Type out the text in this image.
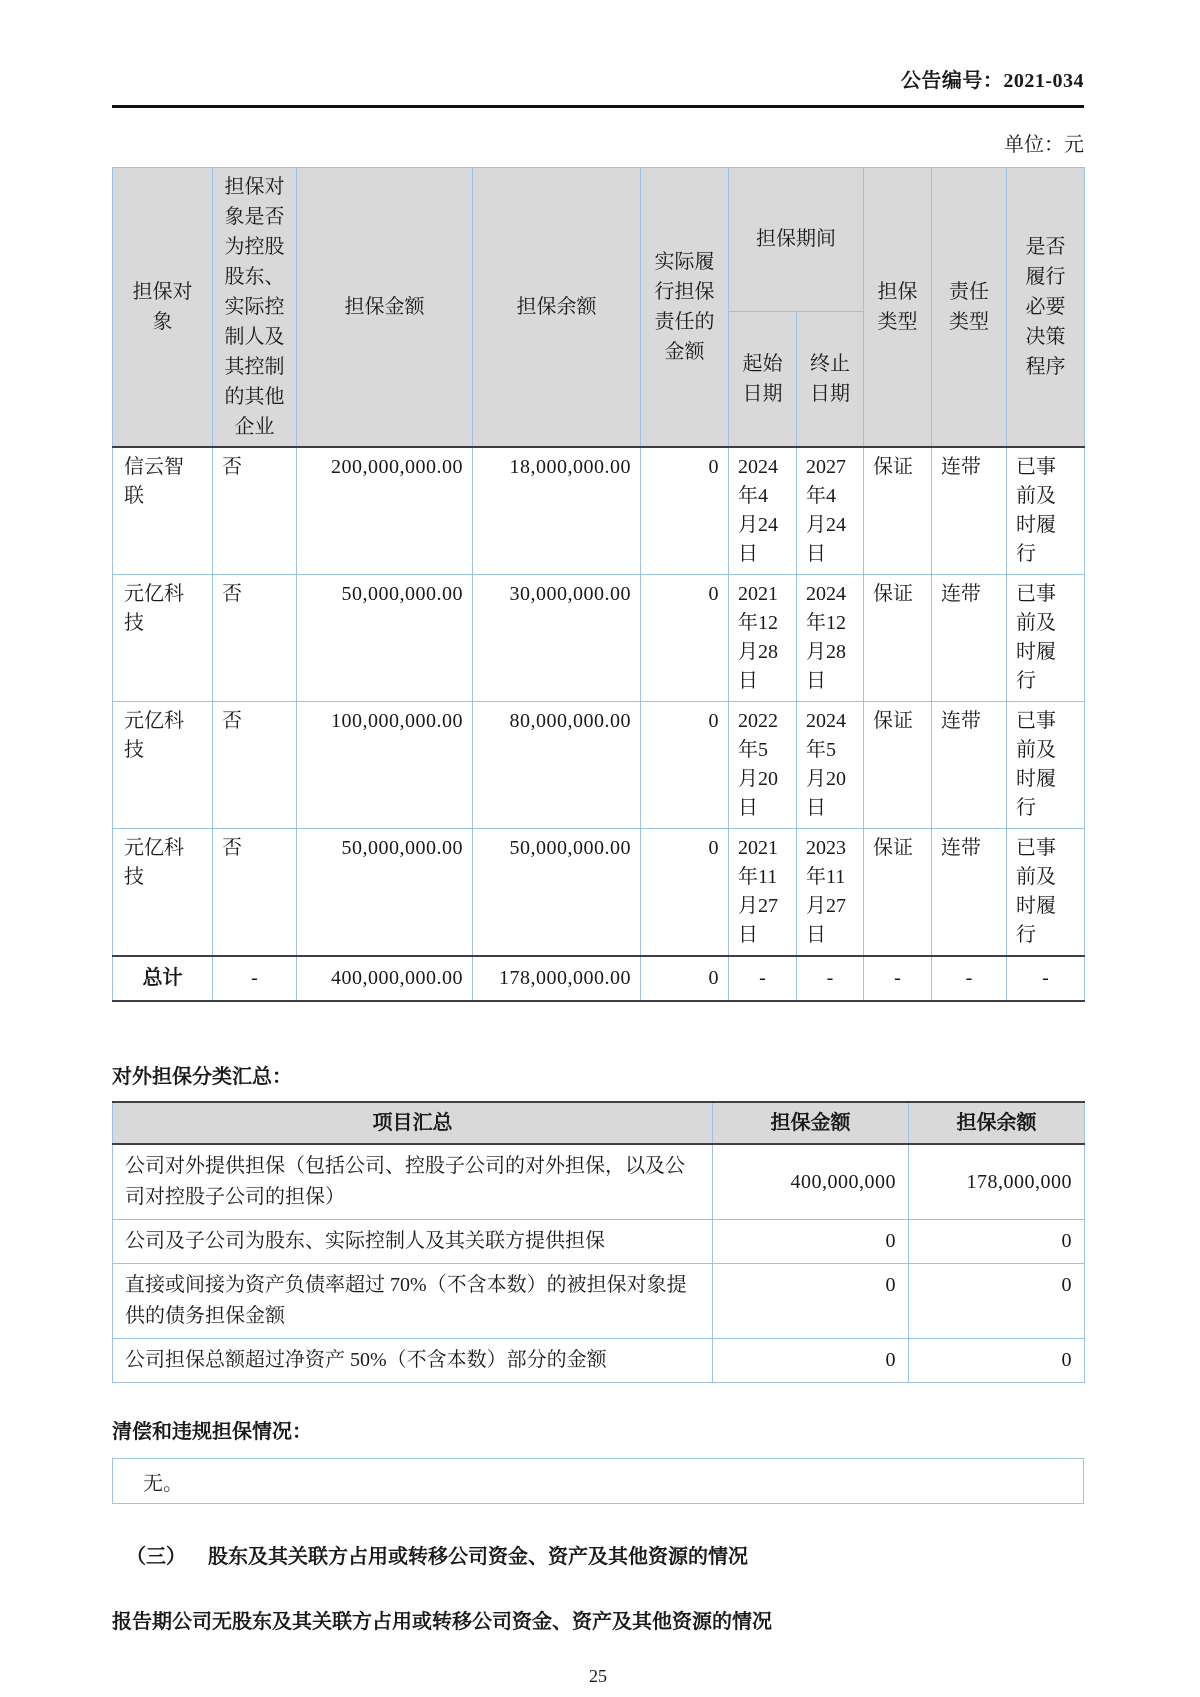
公告编号：2021-034
单位：元
担保对象	担保对象是否为控股股东、实际控制人及其控制的其他企业	担保金额	担保余额	实际履行担保责任的金额	担保期间		担保类型	责任类型	是否履行必要决策程序
					起始日期	终止日期			
信云智联	否	200,000,000.00	18,000,000.00	0	2024年4月24日	2027年4月24日	保证	连带	已事前及时履行
元亿科技	否	50,000,000.00	30,000,000.00	0	2021年12月28日	2024年12月28日	保证	连带	已事前及时履行
元亿科技	否	100,000,000.00	80,000,000.00	0	2022年5月20日	2024年5月20日	保证	连带	已事前及时履行
元亿科技	否	50,000,000.00	50,000,000.00	0	2021年11月27日	2023年11月27日	保证	连带	已事前及时履行
总计	-	400,000,000.00	178,000,000.00	0	-	-	-	-	-
对外担保分类汇总：
项目汇总	担保金额	担保余额
公司对外提供担保（包括公司、控股子公司的对外担保，以及公司对控股子公司的担保）	400,000,000	178,000,000
公司及子公司为股东、实际控制人及其关联方提供担保	0	0
直接或间接为资产负债率超过 70%（不含本数）的被担保对象提供的债务担保金额	0	0
公司担保总额超过净资产 50%（不含本数）部分的金额	0	0
清偿和违规担保情况：
无。
（三） 股东及其关联方占用或转移公司资金、资产及其他资源的情况
报告期公司无股东及其关联方占用或转移公司资金、资产及其他资源的情况
25
